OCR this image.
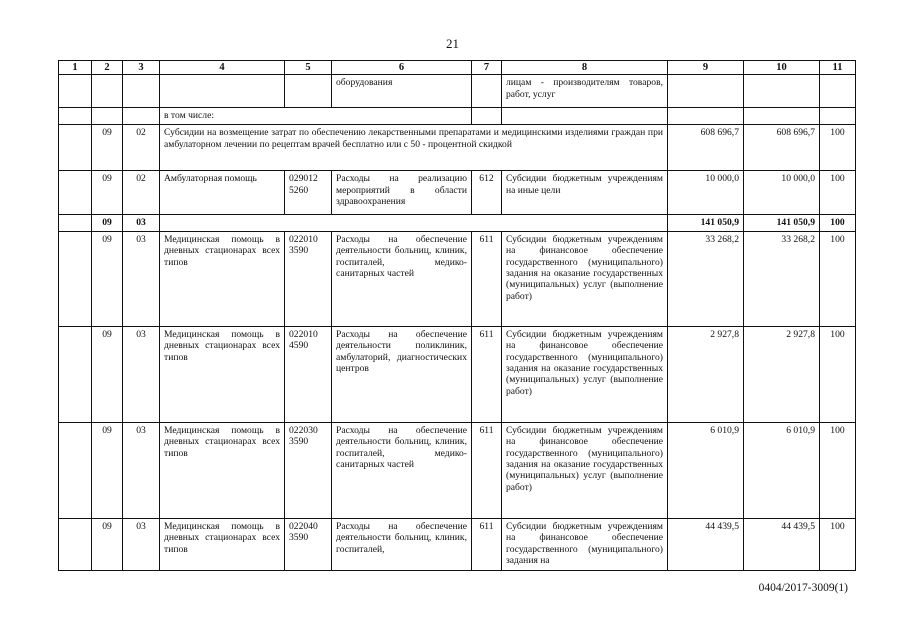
21
1	2	3	4	5	6	7	8	9	10	11
					оборудования		лицам - производителям товаров, работ, услуг			
			в том числе:							
	09	02	Субсидии на возмещение затрат по обеспечению лекарственными препаратами и медицинскими изделиями граждан при амбулаторном лечении по рецептам врачей бесплатно или с 50 - процентной скидкой					608 696,7	608 696,7	100
	09	02	Амбулаторная помощь	029012 5260	Расходы на реализацию мероприятий в области здравоохранения	612	Субсидии бюджетным учреждениям на иные цели	10 000,0	10 000,0	100
	09	03						141 050,9	141 050,9	100
	09	03	Медицинская помощь в дневных стационарах всех типов	022010 3590	Расходы на обеспечение деятельности больниц, клиник, госпиталей, медико-санитарных частей	611	Субсидии бюджетным учреждениям на финансовое обеспечение государственного (муниципального) задания на оказание государственных (муниципальных) услуг (выполнение работ)	33 268,2	33 268,2	100
	09	03	Медицинская помощь в дневных стационарах всех типов	022010 4590	Расходы на обеспечение деятельности поликлиник, амбулаторий, диагностических центров	611	Субсидии бюджетным учреждениям на финансовое обеспечение государственного (муниципального) задания на оказание государственных (муниципальных) услуг (выполнение работ)	2 927,8	2 927,8	100
	09	03	Медицинская помощь в дневных стационарах всех типов	022030 3590	Расходы на обеспечение деятельности больниц, клиник, госпиталей, медико-санитарных частей	611	Субсидии бюджетным учреждениям на финансовое обеспечение государственного (муниципального) задания на оказание государственных (муниципальных) услуг (выполнение работ)	6 010,9	6 010,9	100
	09	03	Медицинская помощь в дневных стационарах всех типов	022040 3590	Расходы на обеспечение деятельности больниц, клиник, госпиталей,	611	Субсидии бюджетным учреждениям на финансовое обеспечение государственного (муниципального) задания на	44 439,5	44 439,5	100
0404/2017-3009(1)
